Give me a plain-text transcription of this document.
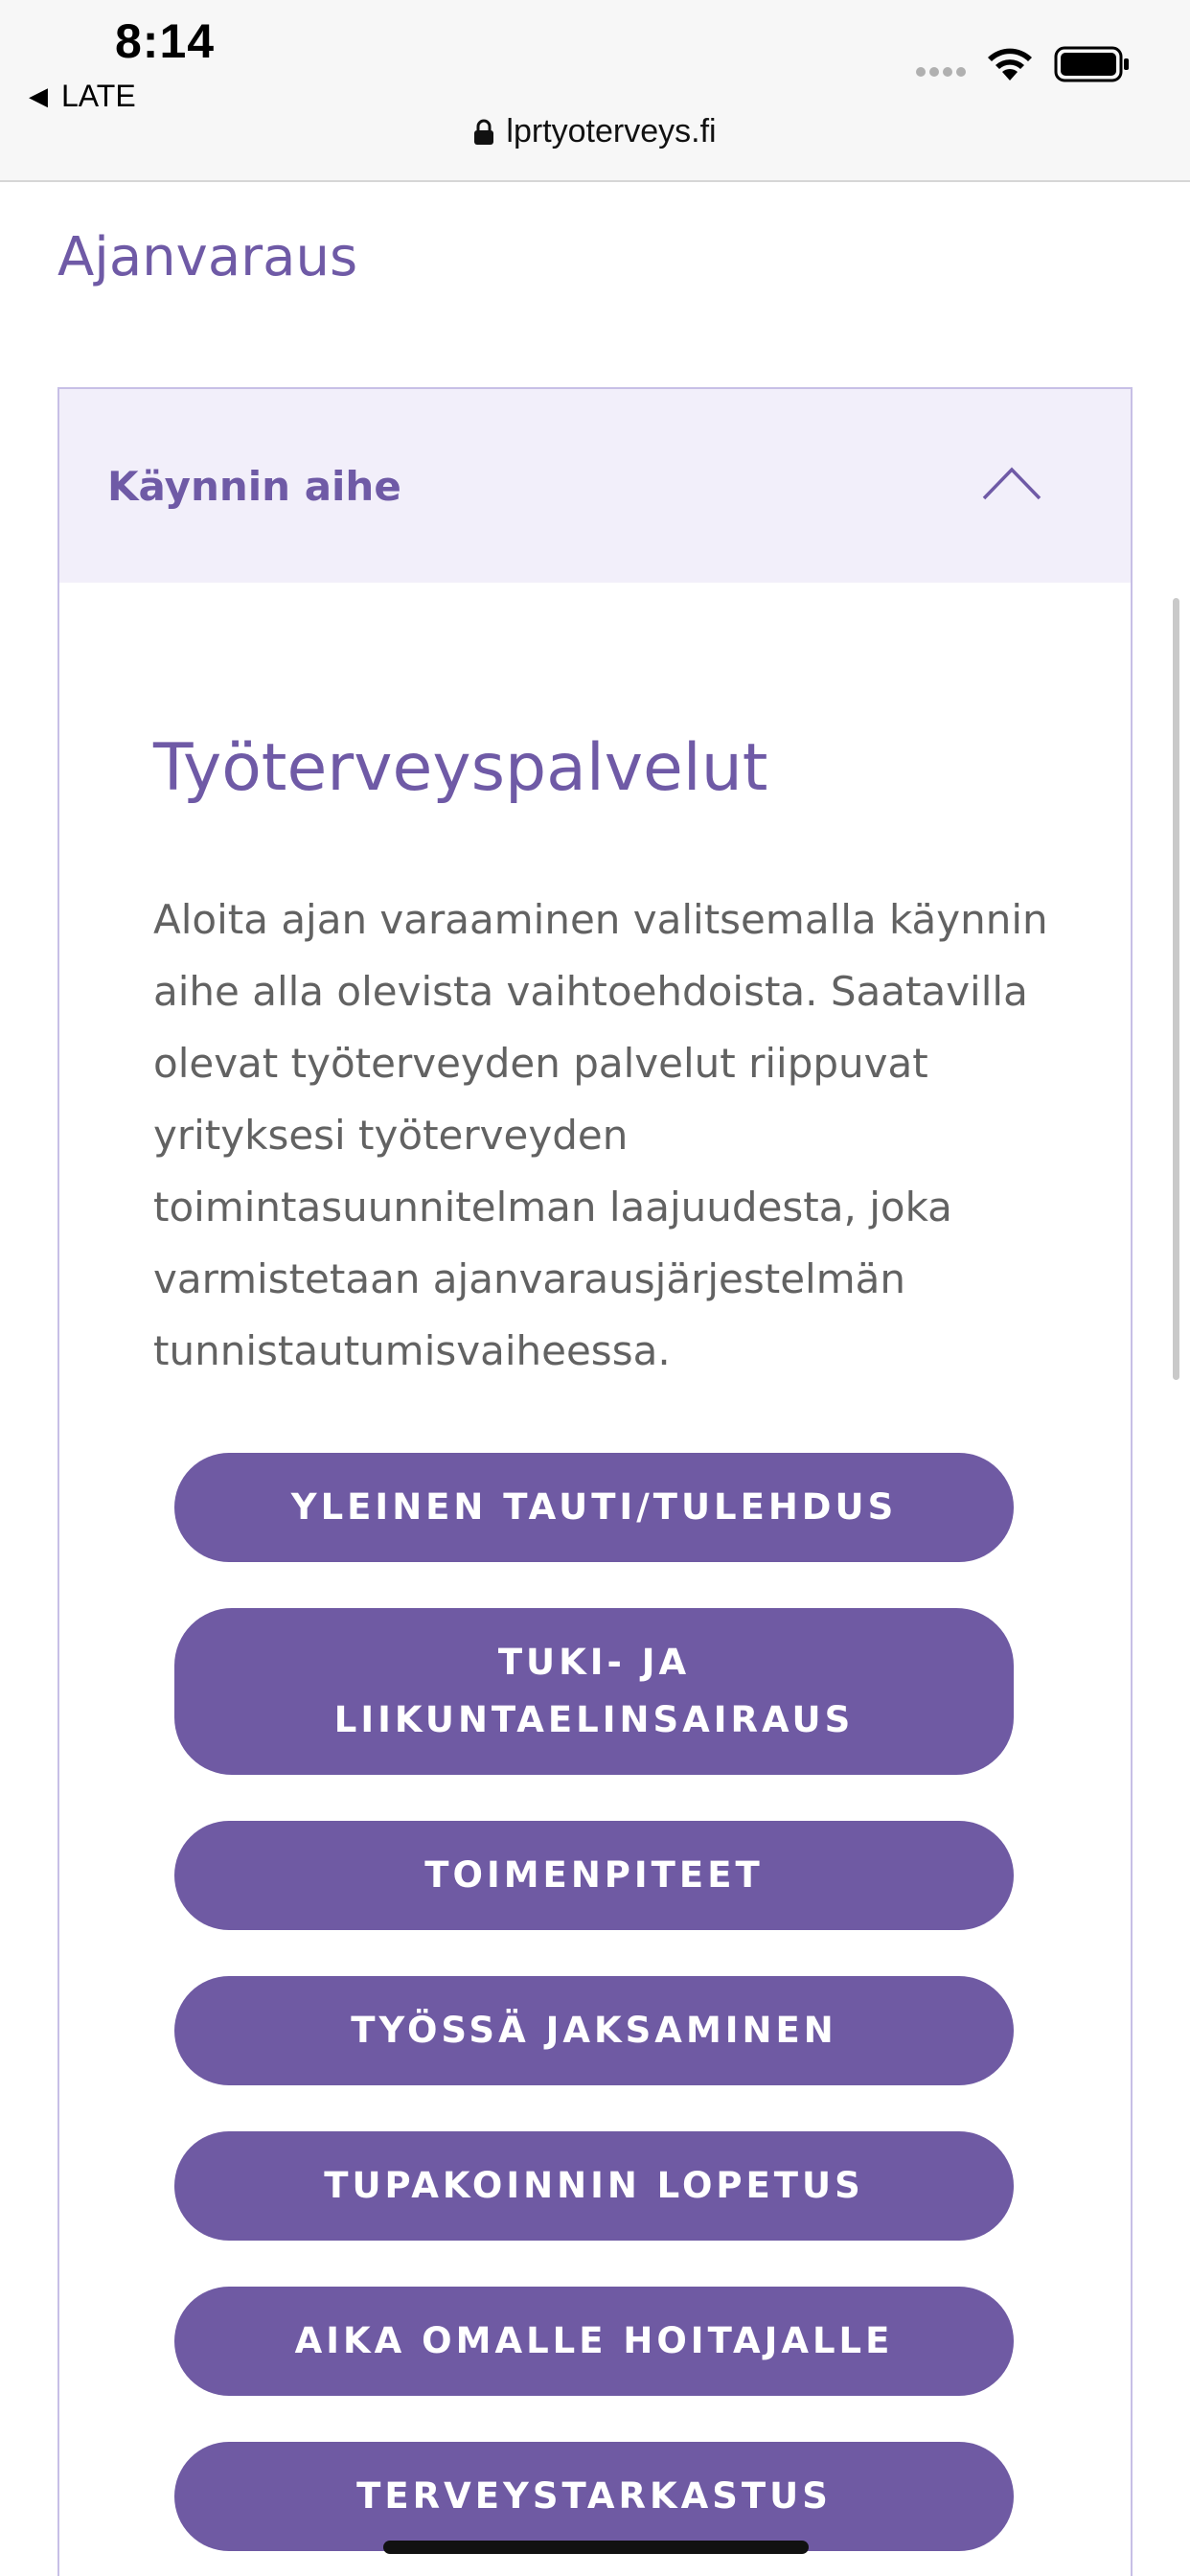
8:14
◀ LATE
lprtyoterveys.fi
Ajanvaraus
Käynnin aihe
Työterveyspalvelut

Aloita ajan varaaminen valitsemalla käynnin aihe alla olevista vaihtoehdoista. Saatavilla olevat työterveyden palvelut riippuvat yrityksesi työterveyden toimintasuunnitelman laajuudesta, joka varmistetaan ajanvarausjärjestelmän tunnistautumisvaiheessa.

YLEINEN TAUTI/TULEHDUS
TUKI- JA LIIKUNTAELINSAIRAUS
TOIMENPITEET
TYÖSSÄ JAKSAMINEN
TUPAKOINNIN LOPETUS
AIKA OMALLE HOITAJALLE
TERVEYSTARKASTUS
